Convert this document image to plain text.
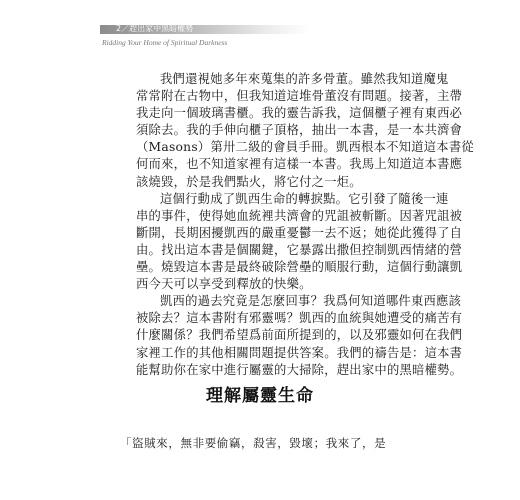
2／趕出家中黑暗權勢
Ridding Your Home of Spiritual Darkness
我們還視她多年來蒐集的許多骨董。雖然我知道魔鬼
常常附在古物中，但我知道這堆骨董沒有問題。接著，主帶
我走向一個玻璃書櫃。我的靈告訴我，這個櫃子裡有東西必
須除去。我的手伸向櫃子頂格，抽出一本書，是一本共濟會
（Masons）第卅二級的會員手冊。凱西根本不知道這本書從
何而來，也不知道家裡有這樣一本書。我馬上知道這本書應
該燒毀，於是我們點火，將它付之一炬。
這個行動成了凱西生命的轉捩點。它引發了隨後一連
串的事件，使得她血統裡共濟會的咒詛被斬斷。因著咒詛被
斷開，長期困擾凱西的嚴重憂鬱一去不返；她從此獲得了自
由。找出這本書是個關鍵，它暴露出撒但控制凱西情緒的營
壘。燒毀這本書是最終破除營壘的順服行動，這個行動讓凱
西今天可以享受到釋放的快樂。
凱西的過去究竟是怎麼回事？我爲何知道哪件東西應該
被除去？這本書附有邪靈嗎？凱西的血統與她遭受的痛苦有
什麼關係？我們希望爲前面所提到的，以及邪靈如何在我們
家裡工作的其他相關問題提供答案。我們的禱告是：這本書
能幫助你在家中進行屬靈的大掃除，趕出家中的黑暗權勢。
理解屬靈生命
「盜賊來，無非要偷竊，殺害，毀壞；我來了，是
